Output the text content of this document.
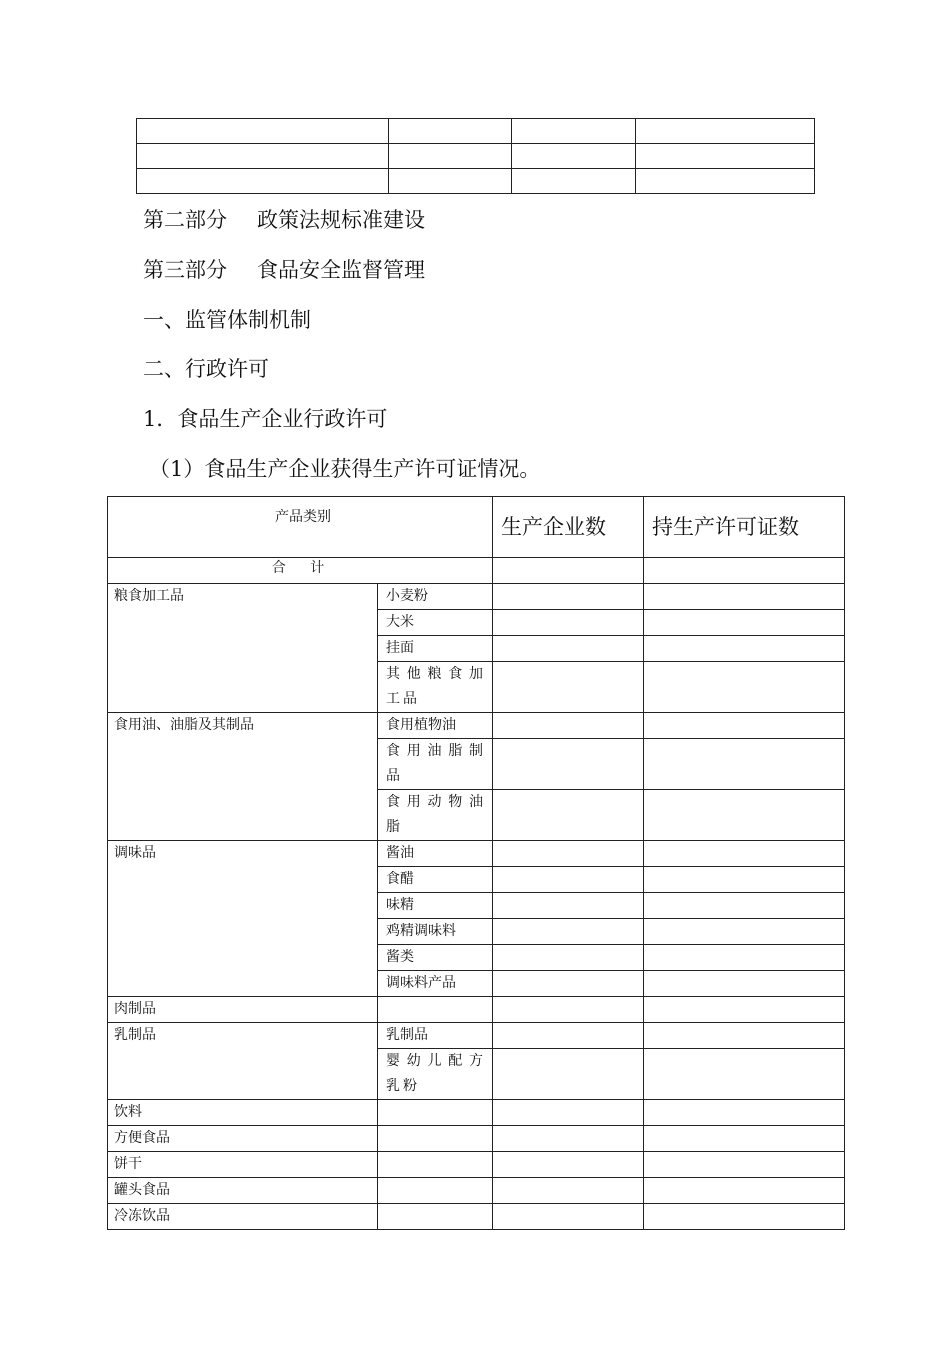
第二部分 政策法规标准建设

第三部分 食品安全监督管理

一、监管体制机制

二、行政许可

1．食品生产企业行政许可

（1）食品生产企业获得生产许可证情况。

产品类别		生产企业数	持生产许可证数
合 计			
粮食加工品	小麦粉		
	大米		
	挂面		
	其他粮食加
工品		

食用油、油脂及其制品	食用植物油		
	食用油脂制
品		

	食用动物油
脂		

调味品	酱油		
	食醋		
	味精		
	鸡精调味料		
	酱类		
	调味料产品		
肉制品			
乳制品	乳制品		
	婴幼儿配方
乳粉		

饮料			
方便食品			
饼干			
罐头食品			
冷冻饮品			
